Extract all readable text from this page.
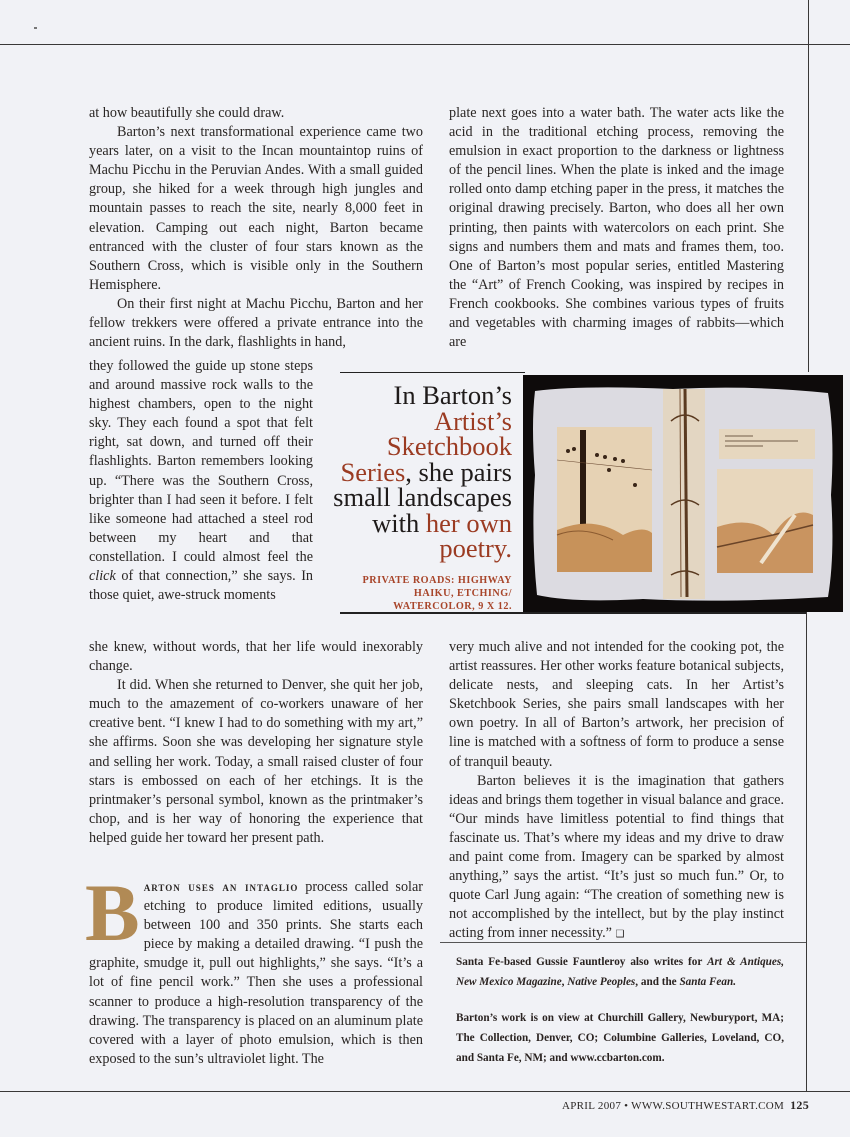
at how beautifully she could draw.

Barton’s next transformational experience came two years later, on a visit to the Incan mountaintop ruins of Machu Picchu in the Peruvian Andes. With a small guided group, she hiked for a week through high jungles and mountain passes to reach the site, nearly 8,000 feet in elevation. Camping out each night, Barton became entranced with the cluster of four stars known as the Southern Cross, which is visible only in the Southern Hemisphere.

On their first night at Machu Picchu, Barton and her fellow trekkers were offered a private entrance into the ancient ruins. In the dark, flashlights in hand,

they followed the guide up stone steps and around massive rock walls to the highest chambers, open to the night sky. They each found a spot that felt right, sat down, and turned off their flashlights. Barton remembers looking up. “There was the Southern Cross, brighter than I had seen it before. I felt like someone had attached a steel rod between my heart and that constellation. I could almost feel the click of that connection,” she says. In those quiet, awe-struck moments

she knew, without words, that her life would inexorably change.

It did. When she returned to Denver, she quit her job, much to the amazement of co-workers unaware of her creative bent. “I knew I had to do something with my art,” she affirms. Soon she was developing her signature style and selling her work. Today, a small raised cluster of four stars is embossed on each of her etchings. It is the printmaker’s personal symbol, known as the printmaker’s chop, and is her way of honoring the experience that helped guide her toward her present path.

Barton uses an intaglio process called solar etching to produce limited editions, usually between 100 and 350 prints. She starts each piece by making a detailed drawing. “I push the graphite, smudge it, pull out highlights,” she says. “It’s a lot of fine pencil work.” Then she uses a professional scanner to produce a high-resolution transparency of the drawing. The transparency is placed on an aluminum plate covered with a layer of photo emulsion, which is then exposed to the sun’s ultraviolet light. The

plate next goes into a water bath. The water acts like the acid in the traditional etching process, removing the emulsion in exact proportion to the darkness or lightness of the pencil lines. When the plate is inked and the image rolled onto damp etching paper in the press, it matches the original drawing precisely. Barton, who does all her own printing, then paints with watercolors on each print. She signs and numbers them and mats and frames them, too. One of Barton’s most popular series, entitled Mastering the “Art” of French Cooking, was inspired by recipes in French cookbooks. She combines various types of fruits and vegetables with charming images of rabbits—which are

very much alive and not intended for the cooking pot, the artist reassures. Her other works feature botanical subjects, delicate nests, and sleeping cats. In her Artist’s Sketchbook Series, she pairs small landscapes with her own poetry. In all of Barton’s artwork, her precision of line is matched with a softness of form to produce a sense of tranquil beauty.

Barton believes it is the imagination that gathers ideas and brings them together in visual balance and grace. “Our minds have limitless potential to find things that fascinate us. That’s where my ideas and my drive to draw and paint come from. Imagery can be sparked by almost anything,” says the artist. “It’s just so much fun.” Or, to quote Carl Jung again: “The creation of something new is not accomplished by the intellect, but by the play instinct acting from inner necessity.” ❑

In Barton’s
Artist’s Sketchbook Series, she pairs small landscapes with her own poetry.

PRIVATE ROADS: HIGHWAY
HAIKU, ETCHING/
WATERCOLOR, 9 X 12.

Santa Fe-based Gussie Fauntleroy also writes for Art & Antiques, New Mexico Magazine, Native Peoples, and the Santa Fean.

Barton’s work is on view at Churchill Gallery, Newburyport, MA; The Collection, Denver, CO; Columbine Galleries, Loveland, CO, and Santa Fe, NM; and www.ccbarton.com.

APRIL 2007 • WWW.SOUTHWESTART.COM 125
